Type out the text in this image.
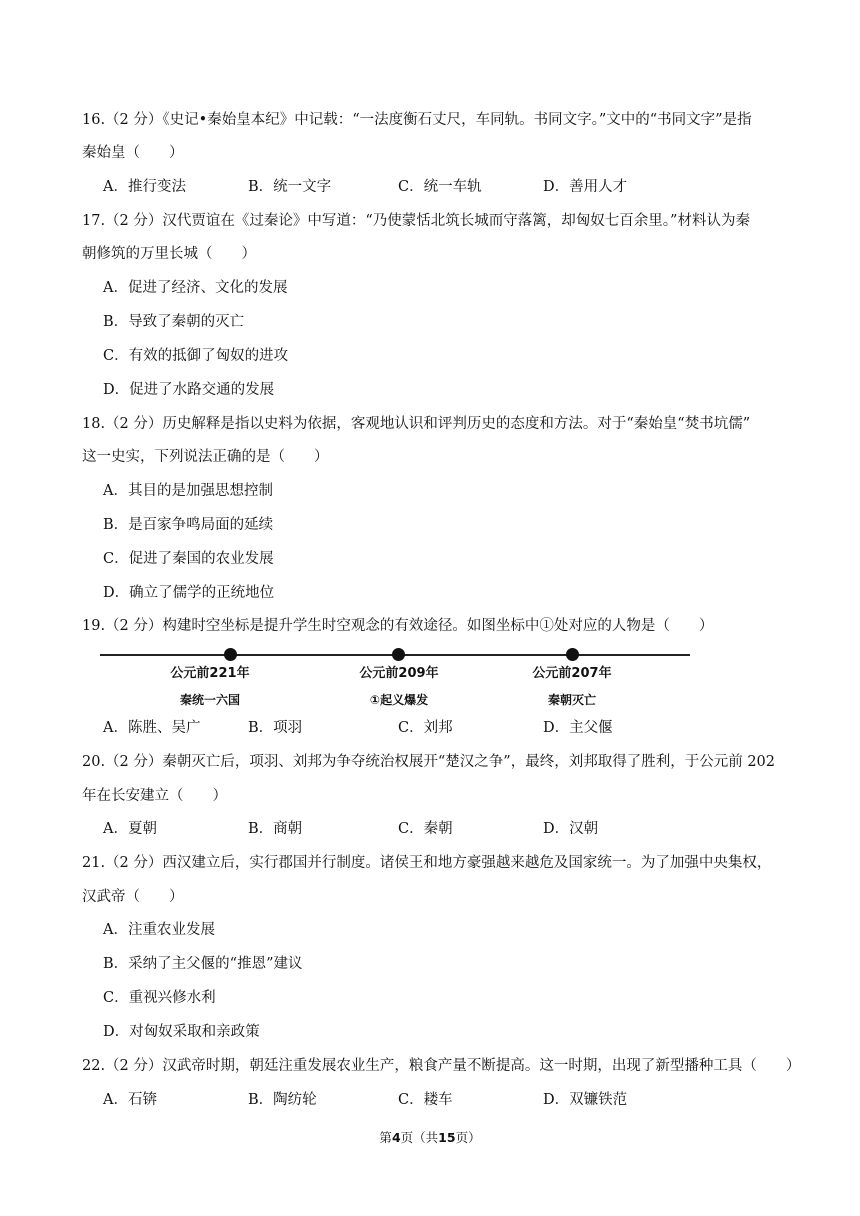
16.（2 分）《史记•秦始皇本纪》中记载：“一法度衡石丈尺，车同轨。书同文字。”文中的“书同文字”是指
秦始皇（　　）
A．推行变法	B．统一文字	C．统一车轨	D．善用人才
17.（2 分）汉代贾谊在《过秦论》中写道：“乃使蒙恬北筑长城而守落篱，却匈奴七百余里。”材料认为秦
朝修筑的万里长城（　　）
A．促进了经济、文化的发展
B．导致了秦朝的灭亡
C．有效的抵御了匈奴的进攻
D．促进了水路交通的发展
18.（2 分）历史解释是指以史料为依据，客观地认识和评判历史的态度和方法。对于“秦始皇“焚书坑儒”
这一史实，下列说法正确的是（　　）
A．其目的是加强思想控制
B．是百家争鸣局面的延续
C．促进了秦国的农业发展
D．确立了儒学的正统地位
19.（2 分）构建时空坐标是提升学生时空观念的有效途径。如图坐标中①处对应的人物是（　　）
公元前221年	公元前209年	公元前207年
秦统一六国	①起义爆发	秦朝灭亡
A．陈胜、吴广	B．项羽	C．刘邦	D．主父偃
20.（2 分）秦朝灭亡后，项羽、刘邦为争夺统治权展开“楚汉之争”，最终，刘邦取得了胜利，于公元前 202
年在长安建立（　　）
A．夏朝	B．商朝	C．秦朝	D．汉朝
21.（2 分）西汉建立后，实行郡国并行制度。诸侯王和地方豪强越来越危及国家统一。为了加强中央集权，
汉武帝（　　）
A．注重农业发展
B．采纳了主父偃的“推恩”建议
C．重视兴修水利
D．对匈奴采取和亲政策
22.（2 分）汉武帝时期，朝廷注重发展农业生产，粮食产量不断提高。这一时期，出现了新型播种工具（　　）
A．石锛	B．陶纺轮	C．耧车	D．双镰铁范
第4页（共15页）
